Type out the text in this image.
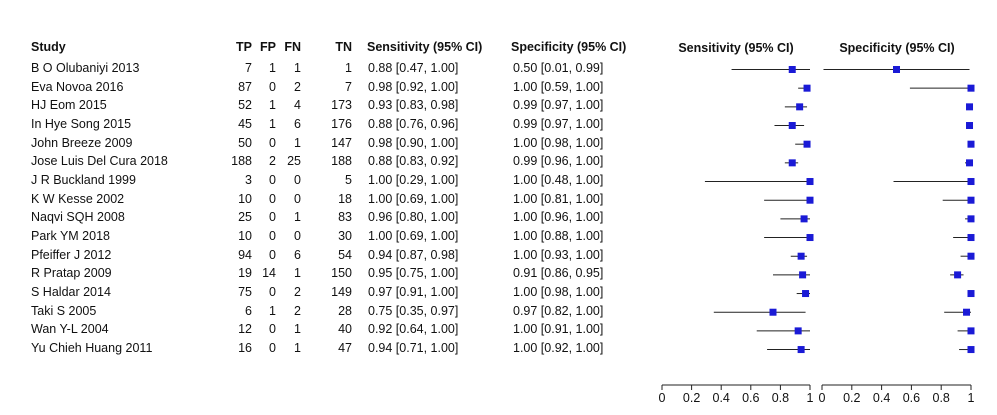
Study	TP FP FN	TN Sensitivity (95% CI) Specificity (95% CI)
B O Olubaniyi 2013	7 1 1	1 0.88 [0.47, 1.00]	0.50 [0.01, 0.99]
Eva Novoa 2016	87 0 2	7 0.98 [0.92, 1.00]	1.00 [0.59, 1.00]
HJ Eom 2015	52 1 4 173 0.93 [0.83, 0.98]	0.99 [0.97, 1.00]
In Hye Song 2015	45 1 6 176 0.88 [0.76, 0.96]	0.99 [0.97, 1.00]
John Breeze 2009	50 0 1 147 0.98 [0.90, 1.00]	1.00 [0.98, 1.00]
Jose Luis Del Cura 2018	188 2 25 188 0.88 [0.83, 0.92]	0.99 [0.96, 1.00]
J R Buckland 1999	3 0 0	5 1.00 [0.29, 1.00]	1.00 [0.48, 1.00]
K W Kesse 2002	10 0 0	18 1.00 [0.69, 1.00]	1.00 [0.81, 1.00]
Naqvi SQH 2008	25 0 1	83 0.96 [0.80, 1.00]	1.00 [0.96, 1.00]
Park YM 2018	10 0 0	30 1.00 [0.69, 1.00]	1.00 [0.88, 1.00]
Pfeiffer J 2012	94 0 6	54 0.94 [0.87, 0.98]	1.00 [0.93, 1.00]
R Pratap 2009	19 14 1 150 0.95 [0.75, 1.00]	0.91 [0.86, 0.95]
S Haldar 2014	75 0 2 149 0.97 [0.91, 1.00]	1.00 [0.98, 1.00]
Taki S 2005	6 1 2	28 0.75 [0.35, 0.97]	0.97 [0.82, 1.00]
Wan Y-L 2004	12 0 1	40 0.92 [0.64, 1.00]	1.00 [0.91, 1.00]
Yu Chieh Huang 2011	16 0 1	47 0.94 [0.71, 1.00]	1.00 [0.92, 1.00]
Sensitivity (95% CI)
0 0.2 0.4 0.6 0.8 1
Specificity (95% CI)
0 0.2 0.4 0.6 0.8 1
